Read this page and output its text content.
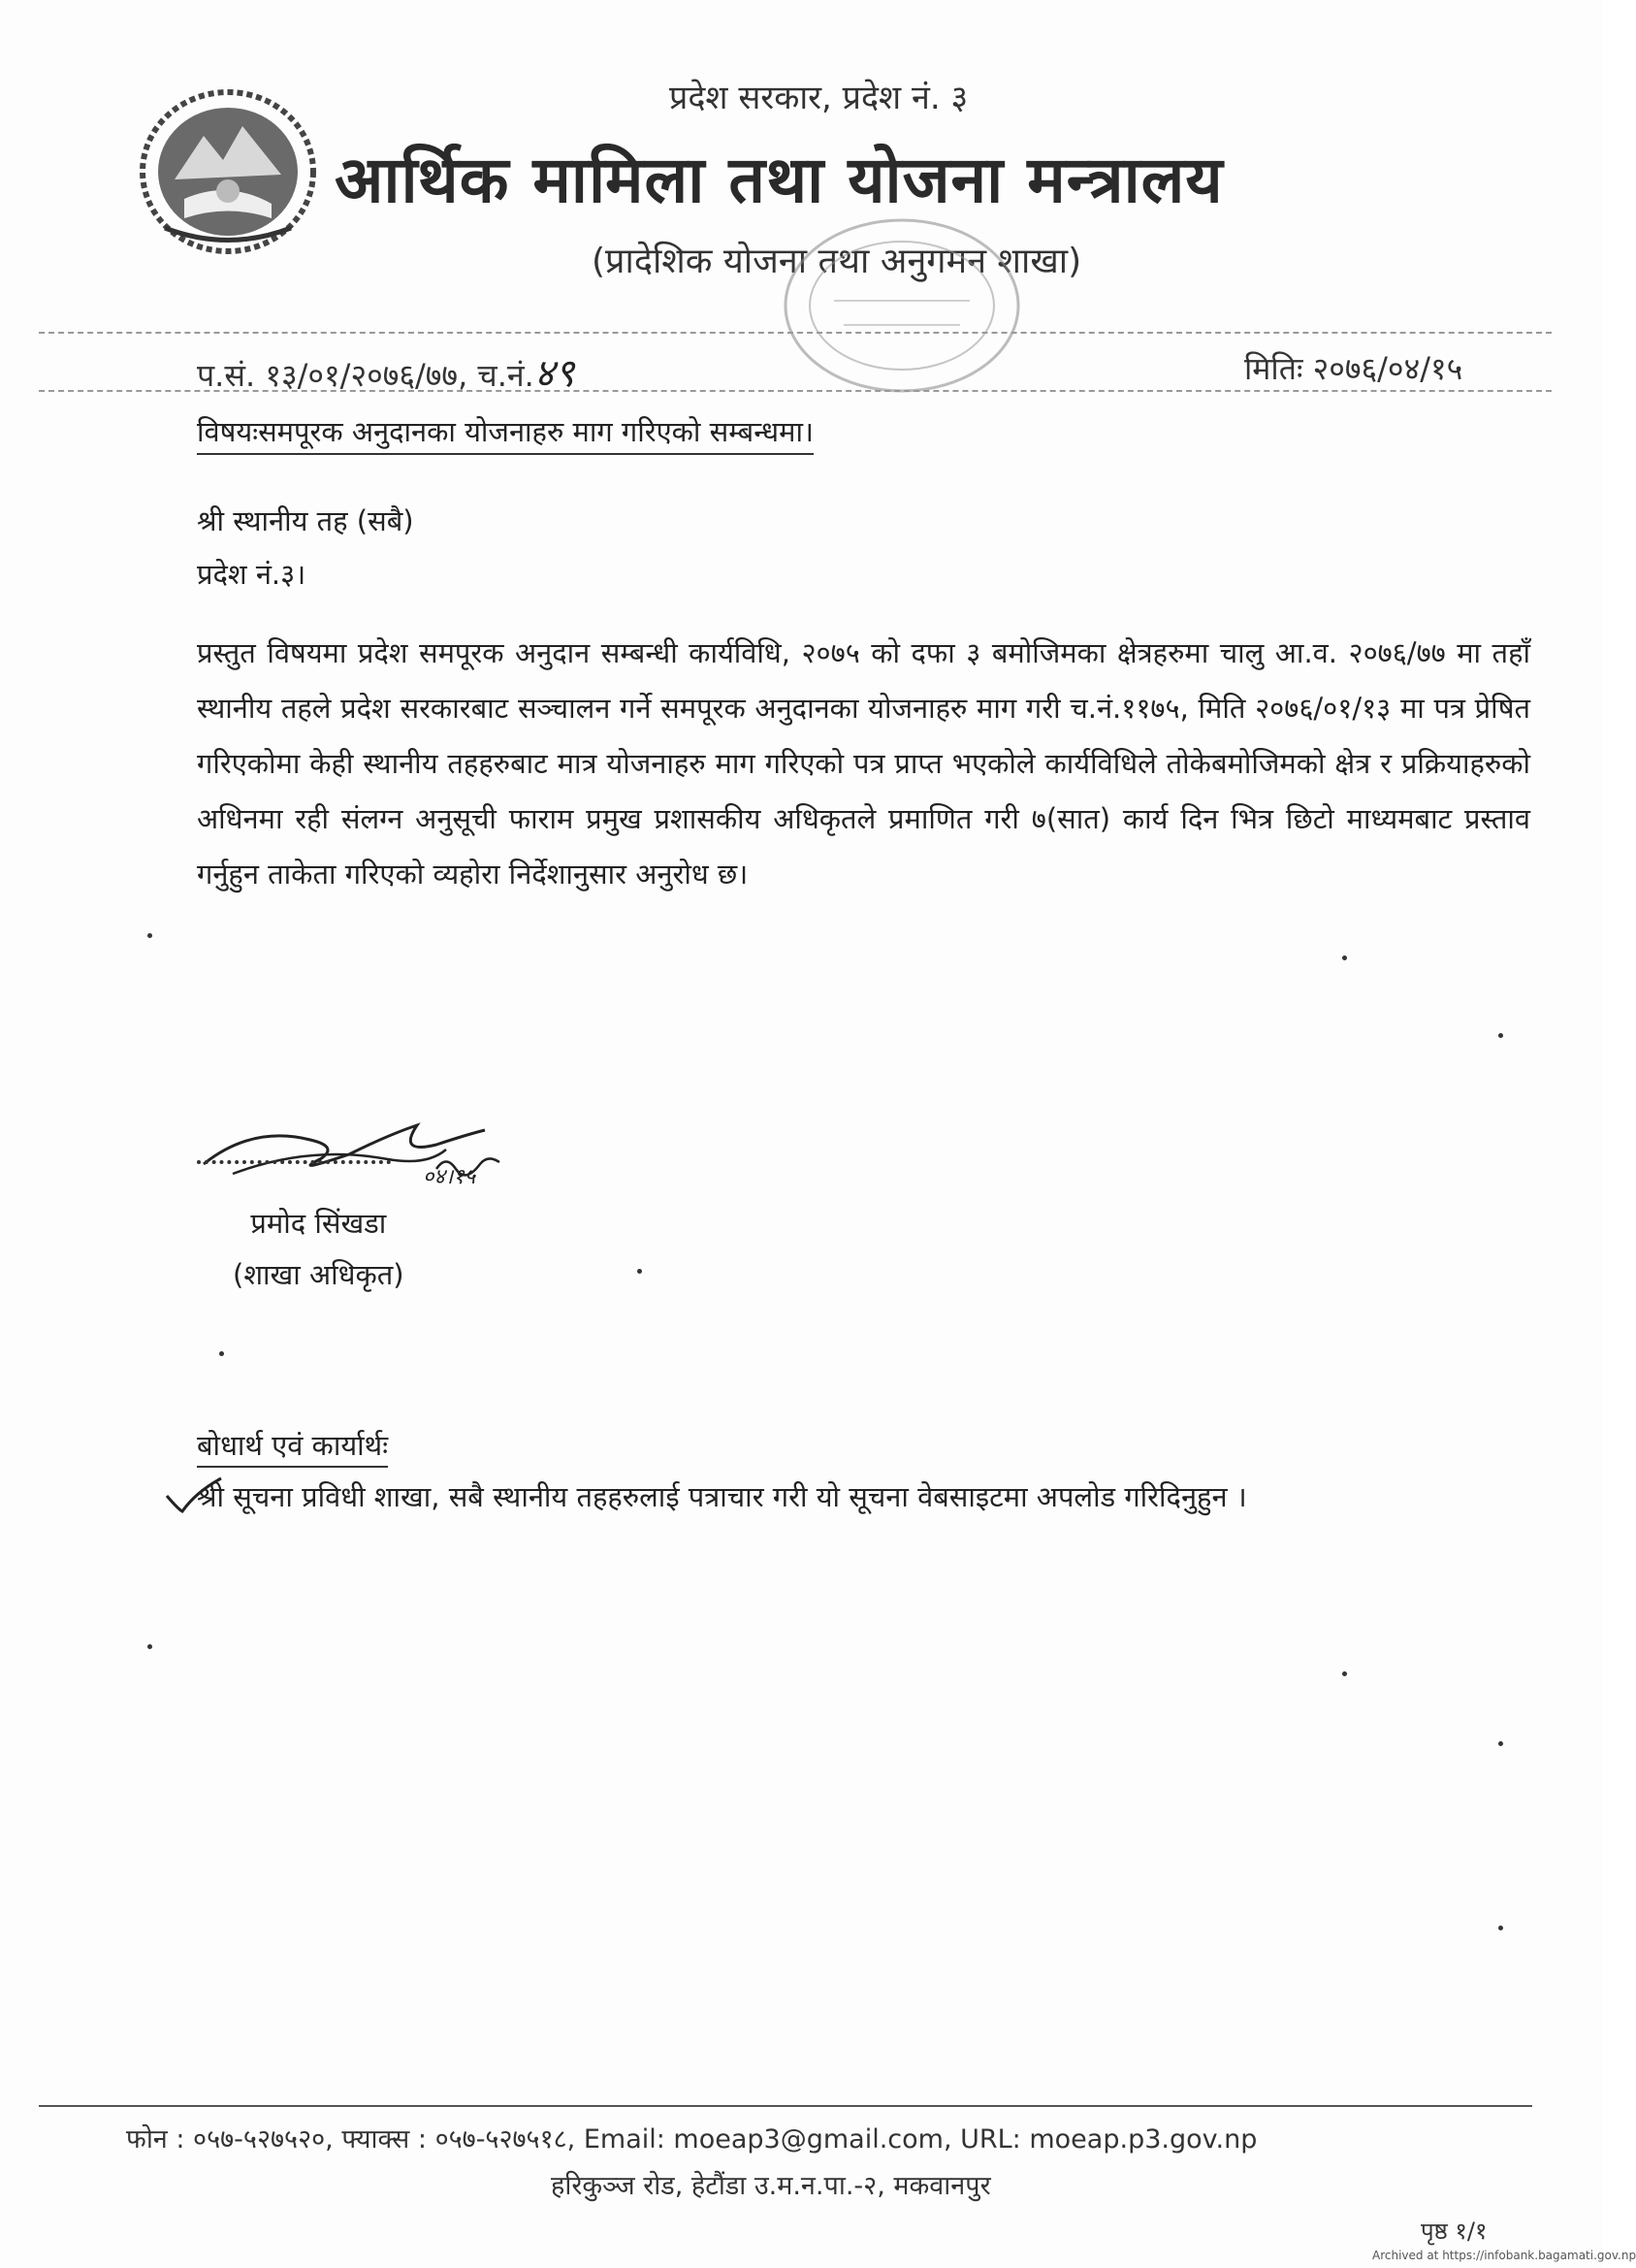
प्रदेश सरकार, प्रदेश नं. ३
आर्थिक मामिला तथा योजना मन्त्रालय
(प्रादेशिक योजना तथा अनुगमन शाखा)
प.सं. १३/०१/२०७६/७७, च.नं.४९	मितिः २०७६/०४/१५
विषयःसमपूरक अनुदानका योजनाहरु माग गरिएको सम्बन्धमा।
श्री स्थानीय तह (सबै)
प्रदेश नं.३।
प्रस्तुत विषयमा प्रदेश समपूरक अनुदान सम्बन्धी कार्यविधि, २०७५ को दफा ३ बमोजिमका क्षेत्रहरुमा चालु आ.व. २०७६/७७ मा तहाँ स्थानीय तहले प्रदेश सरकारबाट सञ्चालन गर्ने समपूरक अनुदानका योजनाहरु माग गरी च.नं.११७५, मिति २०७६/०१/१३ मा पत्र प्रेषित गरिएकोमा केही स्थानीय तहहरुबाट मात्र योजनाहरु माग गरिएको पत्र प्राप्त भएकोले कार्यविधिले तोकेबमोजिमको क्षेत्र र प्रक्रियाहरुको अधिनमा रही संलग्न अनुसूची फाराम प्रमुख प्रशासकीय अधिकृतले प्रमाणित गरी ७(सात) कार्य दिन भित्र छिटो माध्यमबाट प्रस्ताव गर्नुहुन ताकेता गरिएको व्यहोरा निर्देशानुसार अनुरोध छ।
०४।१५
प्रमोद सिंखडा
(शाखा अधिकृत)
बोधार्थ एवं कार्यार्थः
श्री सूचना प्रविधी शाखा, सबै स्थानीय तहहरुलाई पत्राचार गरी यो सूचना वेबसाइटमा अपलोड गरिदिनुहुन ।
फोन : ०५७-५२७५२०, फ्याक्स : ०५७-५२७५१८, Email: moeap3@gmail.com, URL: moeap.p3.gov.np
हरिकुञ्ज रोड, हेटौंडा उ.म.न.पा.-२, मकवानपुर
पृष्ठ १/१
Archived at https://infobank.bagamati.gov.np
